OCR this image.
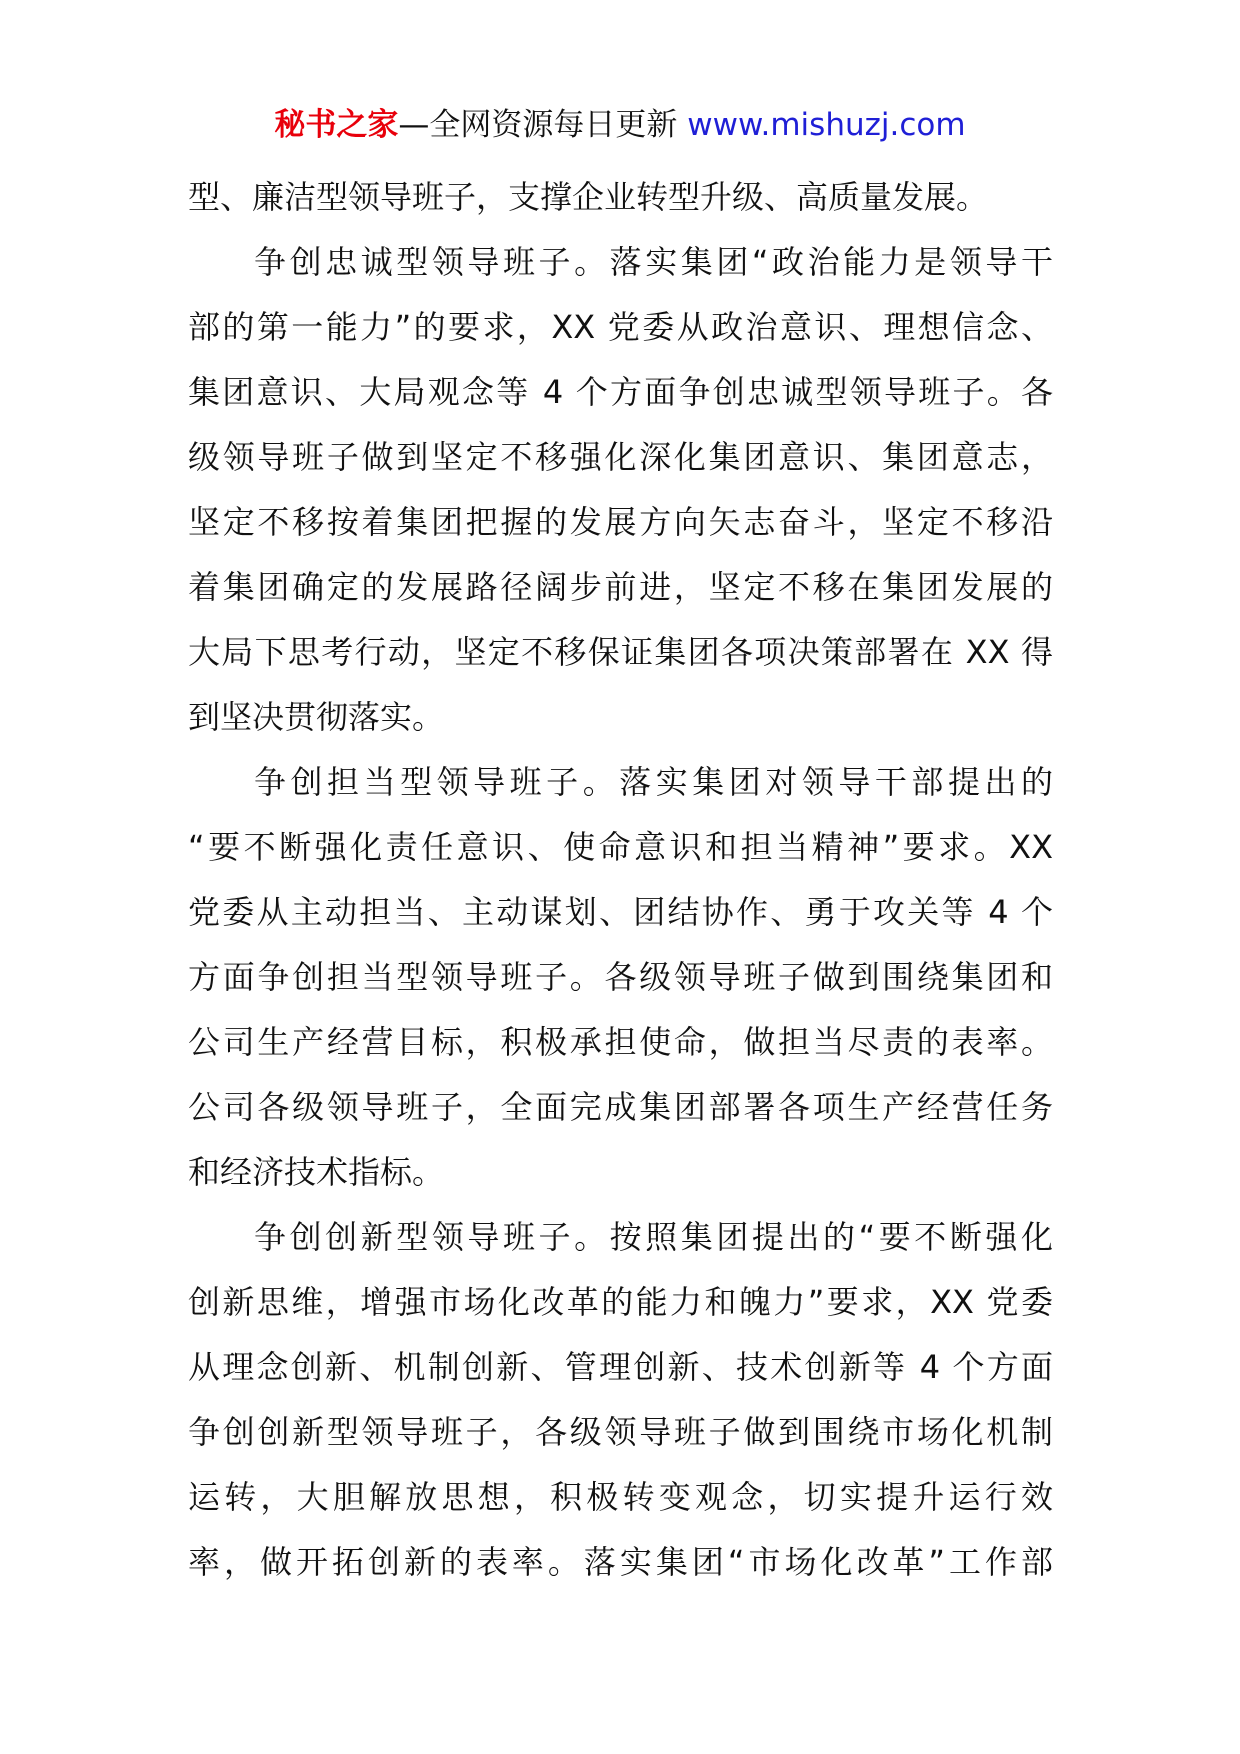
秘书之家—全网资源每日更新 www.mishuzj.com
型、廉洁型领导班子，支撑企业转型升级、高质量发展。
争创忠诚型领导班子。落实集团“政治能力是领导干
部的第一能力”的要求，XX 党委从政治意识、理想信念、
集团意识、大局观念等 4 个方面争创忠诚型领导班子。各
级领导班子做到坚定不移强化深化集团意识、集团意志，
坚定不移按着集团把握的发展方向矢志奋斗，坚定不移沿
着集团确定的发展路径阔步前进，坚定不移在集团发展的
大局下思考行动，坚定不移保证集团各项决策部署在 XX 得
到坚决贯彻落实。
争创担当型领导班子。落实集团对领导干部提出的
“要不断强化责任意识、使命意识和担当精神”要求。XX
党委从主动担当、主动谋划、团结协作、勇于攻关等 4 个
方面争创担当型领导班子。各级领导班子做到围绕集团和
公司生产经营目标，积极承担使命，做担当尽责的表率。
公司各级领导班子，全面完成集团部署各项生产经营任务
和经济技术指标。
争创创新型领导班子。按照集团提出的“要不断强化
创新思维，增强市场化改革的能力和魄力”要求，XX 党委
从理念创新、机制创新、管理创新、技术创新等 4 个方面
争创创新型领导班子，各级领导班子做到围绕市场化机制
运转，大胆解放思想，积极转变观念，切实提升运行效
率，做开拓创新的表率。落实集团“市场化改革”工作部
